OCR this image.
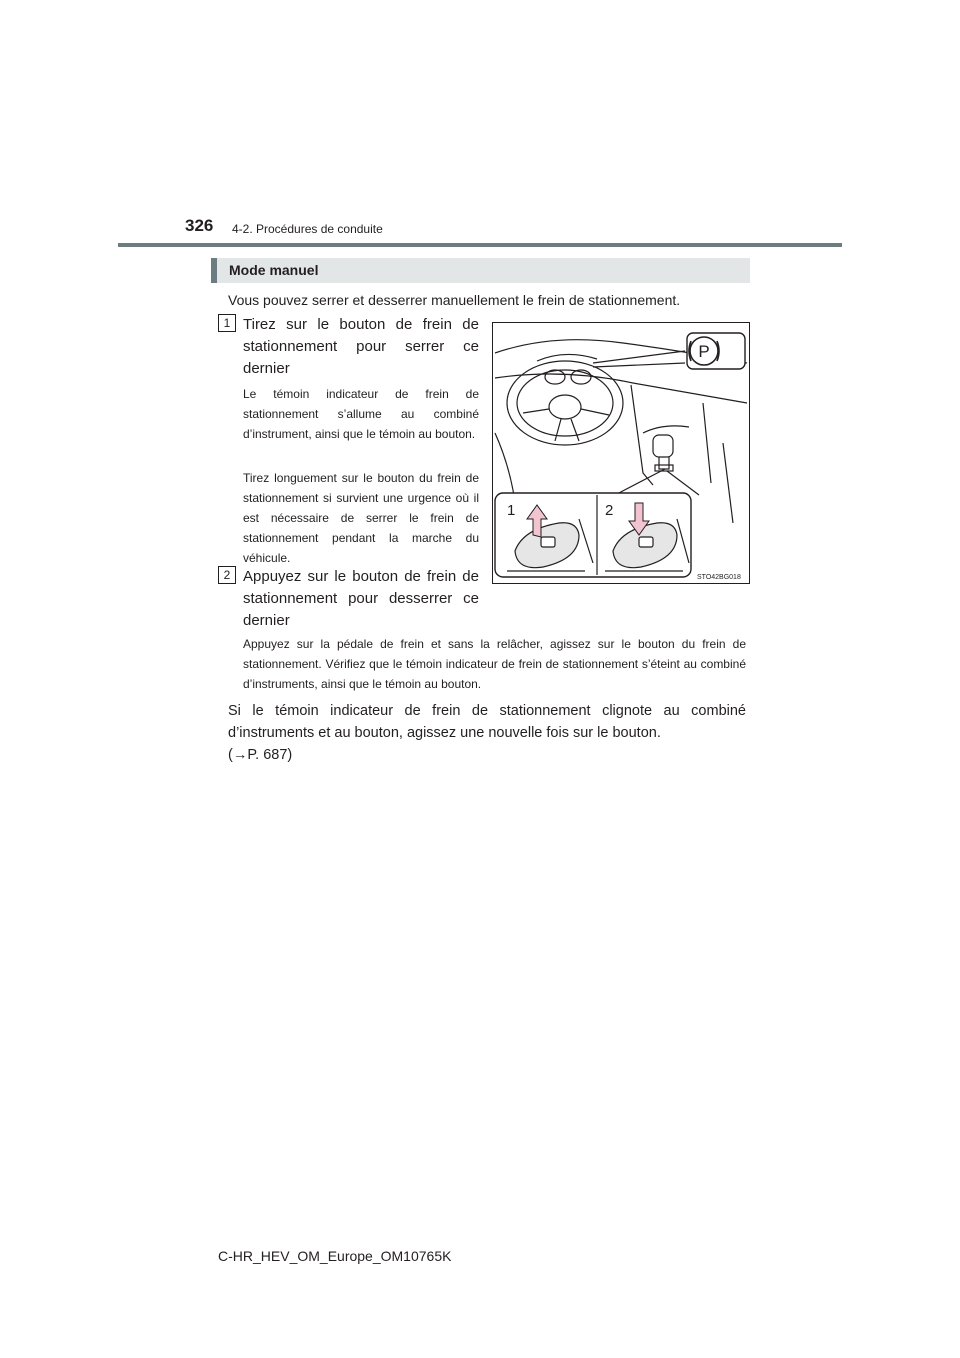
326 4-2. Procédures de conduite
Mode manuel
Vous pouvez serrer et desserrer manuellement le frein de stationnement.
1 Tirez sur le bouton de frein de stationnement pour serrer ce dernier
Le témoin indicateur de frein de stationnement s’allume au combiné d’instrument, ainsi que le témoin au bouton.
Tirez longuement sur le bouton du frein de stationnement si survient une urgence où il est nécessaire de serrer le frein de stationnement pendant la marche du véhicule.
2 Appuyez sur le bouton de frein de stationnement pour desserrer ce dernier
Appuyez sur la pédale de frein et sans la relâcher, agissez sur le bouton du frein de stationnement. Vérifiez que le témoin indicateur de frein de stationnement s’éteint au combiné d’instruments, ainsi que le témoin au bouton.
Si le témoin indicateur de frein de stationnement clignote au combiné d’instruments et au bouton, agissez une nouvelle fois sur le bouton.
(→P. 687)
P
1	2
STO42BG018
C-HR_HEV_OM_Europe_OM10765K
